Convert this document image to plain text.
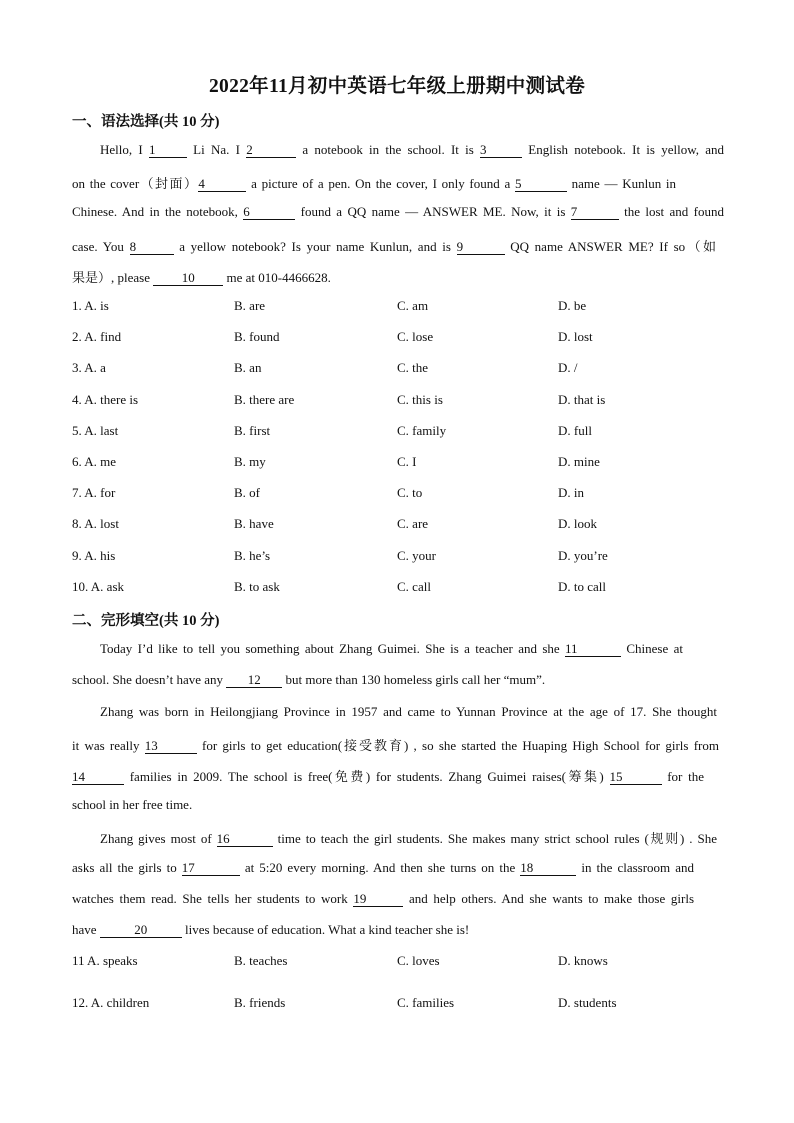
2022年11月初中英语七年级上册期中测试卷
一、语法选择(共 10 分)
Hello, I 1 Li Na. I 2	a notebook in the school. It is 3	English notebook. It is yellow, and
on the cover（封面）4	a picture of a pen. On the cover, I only found a 5	name — Kunlun in
Chinese. And in the notebook, 6	found a QQ name — ANSWER ME. Now, it is 7	the lost and found
case. You 8	a yellow notebook? Is your name Kunlun, and is 9	QQ name ANSWER ME? If so（如
果是）, please 10 me at 010-4466628.
1. A. is	B. are	C. am	D. be
2. A. find	B. found	C. lose	D. lost
3. A. a	B. an	C. the	D. /
4. A. there is	B. there are	C. this is	D. that is
5. A. last	B. first	C. family	D. full
6. A. me	B. my	C. I	D. mine
7. A. for	B. of	C. to	D. in
8. A. lost	B. have	C. are	D. look
9. A. his	B. he’s	C. your	D. you’re
10. A. ask	B. to ask	C. call	D. to call
二、完形填空(共 10 分)
Today I’d like to tell you something about Zhang Guimei. She is a teacher and she 11	Chinese at
school. She doesn’t have any 12 but more than 130 homeless girls call her “mum”.
Zhang was born in Heilongjiang Province in 1957 and came to Yunnan Province at the age of 17. She thought
it was really 13	for girls to get education(接受教育) , so she started the Huaping High School for girls from
14	families in 2009. The school is free(免费) for students. Zhang Guimei raises(筹集) 15	for the
school in her free time.
Zhang gives most of 16	time to teach the girl students. She makes many strict school rules (规则) . She
asks all the girls to 17	at 5:20 every morning. And then she turns on the 18	in the classroom and
watches them read. She tells her students to work 19	and help others. And she wants to make those girls
have	20	lives because of education. What a kind teacher she is!
11 A. speaks	B. teaches	C. loves	D. knows
12. A. children	B. friends	C. families	D. students
